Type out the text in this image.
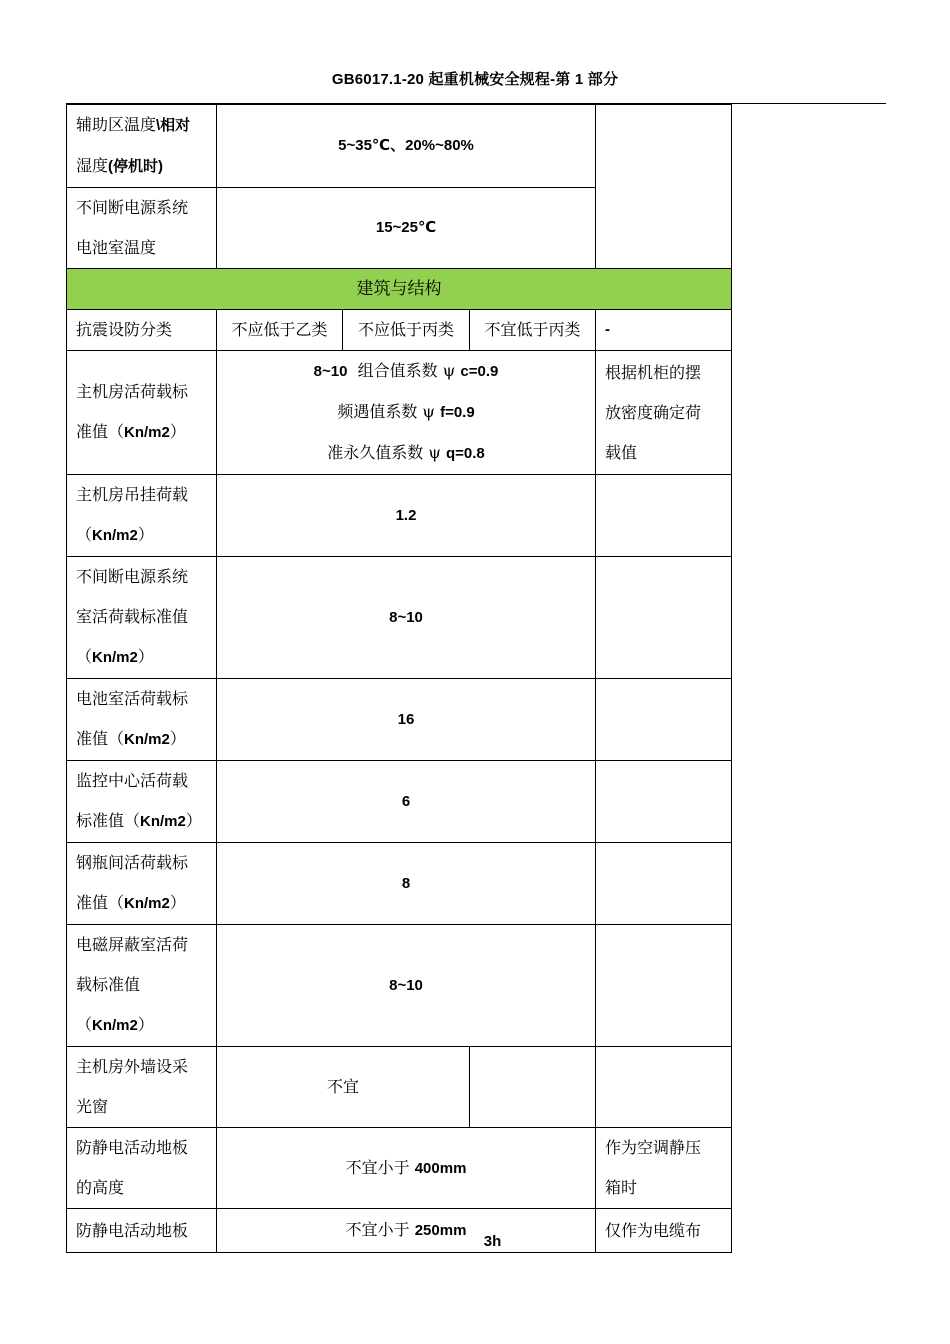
GB6017.1-20 起重机械安全规程-第 1 部分
辅助区温度\相对
湿度(停机时)	5~35℃、20%~80%			

不间断电源系统
电池室温度	15~25℃			
建筑与结构				
抗震设防分类	不应低于乙类	不应低于丙类	不宜低于丙类	-

主机房活荷载标
准值（Kn/m2）	8~10 组合值系数 ψ c=0.9
频遇值系数 ψ f=0.9
准永久值系数 ψ q=0.8			根据机柜的摆
放密度确定荷
载值

主机房吊挂荷载
（Kn/m2）	1.2			

不间断电源系统
室活荷载标准值
（Kn/m2）	8~10			

电池室活荷载标
准值（Kn/m2）	16			

监控中心活荷载
标准值（Kn/m2）	6			

钢瓶间活荷载标
准值（Kn/m2）	8			

电磁屏蔽室活荷
载标准值
（Kn/m2）	8~10			

主机房外墙设采
光窗	不宜			

防静电活动地板
的高度	不宜小于 400mm			作为空调静压
箱时

防静电活动地板	不宜小于 250mm			仅作为电缆布
3h
